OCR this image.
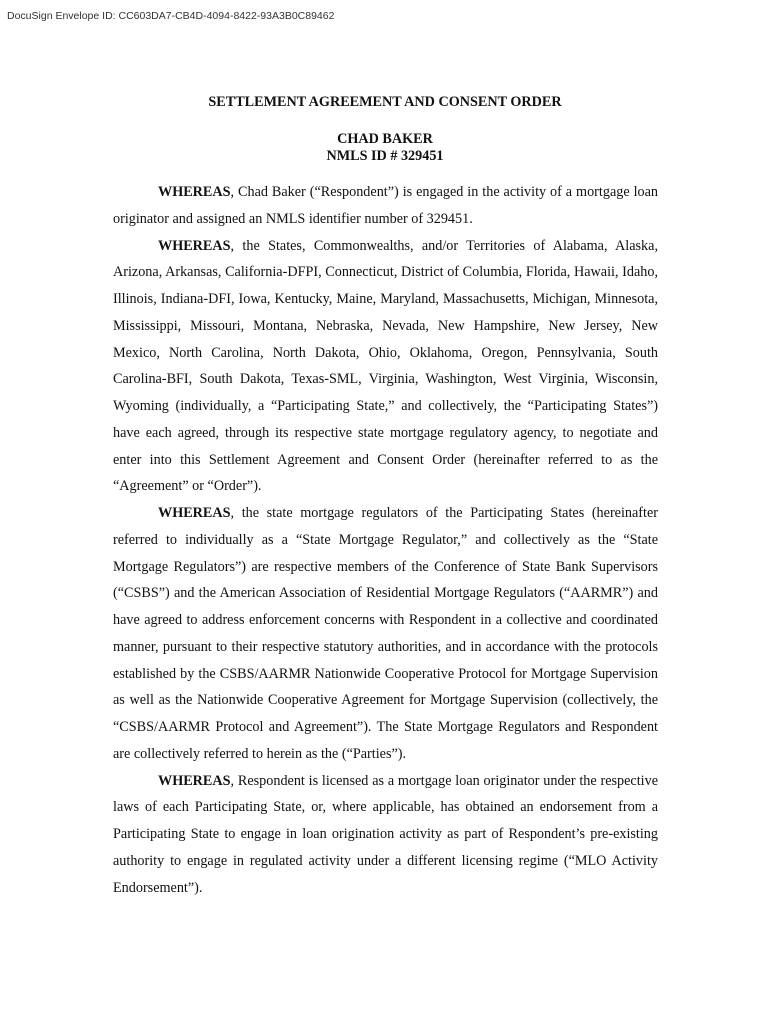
DocuSign Envelope ID: CC603DA7-CB4D-4094-8422-93A3B0C89462
SETTLEMENT AGREEMENT AND CONSENT ORDER
CHAD BAKER
NMLS ID # 329451

WHEREAS, Chad Baker (“Respondent”) is engaged in the activity of a mortgage loan originator and assigned an NMLS identifier number of 329451.

WHEREAS, the States, Commonwealths, and/or Territories of Alabama, Alaska, Arizona, Arkansas, California-DFPI, Connecticut, District of Columbia, Florida, Hawaii, Idaho, Illinois, Indiana-DFI, Iowa, Kentucky, Maine, Maryland, Massachusetts, Michigan, Minnesota, Mississippi, Missouri, Montana, Nebraska, Nevada, New Hampshire, New Jersey, New Mexico, North Carolina, North Dakota, Ohio, Oklahoma, Oregon, Pennsylvania, South Carolina-BFI, South Dakota, Texas-SML, Virginia, Washington, West Virginia, Wisconsin, Wyoming (individually, a “Participating State,” and collectively, the “Participating States”) have each agreed, through its respective state mortgage regulatory agency, to negotiate and enter into this Settlement Agreement and Consent Order (hereinafter referred to as the “Agreement” or “Order”).

WHEREAS, the state mortgage regulators of the Participating States (hereinafter referred to individually as a “State Mortgage Regulator,” and collectively as the “State Mortgage Regulators”) are respective members of the Conference of State Bank Supervisors (“CSBS”) and the American Association of Residential Mortgage Regulators (“AARMR”) and have agreed to address enforcement concerns with Respondent in a collective and coordinated manner, pursuant to their respective statutory authorities, and in accordance with the protocols established by the CSBS/AARMR Nationwide Cooperative Protocol for Mortgage Supervision as well as the Nationwide Cooperative Agreement for Mortgage Supervision (collectively, the “CSBS/AARMR Protocol and Agreement”). The State Mortgage Regulators and Respondent are collectively referred to herein as the (“Parties”).

WHEREAS, Respondent is licensed as a mortgage loan originator under the respective laws of each Participating State, or, where applicable, has obtained an endorsement from a Participating State to engage in loan origination activity as part of Respondent’s pre-existing authority to engage in regulated activity under a different licensing regime (“MLO Activity Endorsement”).
